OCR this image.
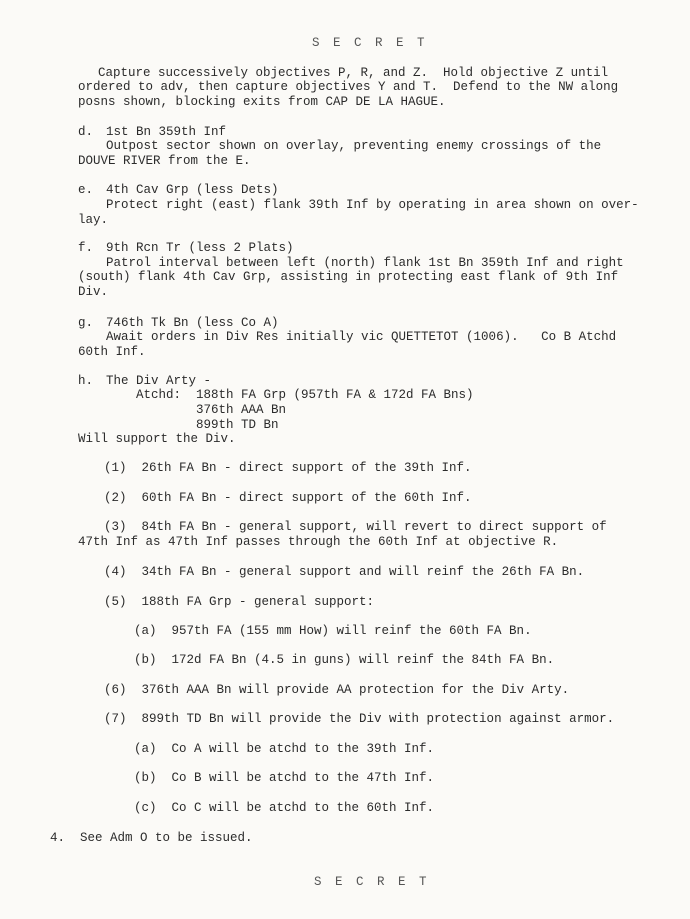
S E C R E T
Capture successively objectives P, R, and Z.  Hold objective Z until
ordered to adv, then capture objectives Y and T.  Defend to the NW along
posns shown, blocking exits from CAP DE LA HAGUE.
d. 1st Bn 359th Inf
Outpost sector shown on overlay, preventing enemy crossings of the
DOUVE RIVER from the E.
e. 4th Cav Grp (less Dets)
Protect right (east) flank 39th Inf by operating in area shown on over-
lay.
f. 9th Rcn Tr (less 2 Plats)
Patrol interval between left (north) flank 1st Bn 359th Inf and right
(south) flank 4th Cav Grp, assisting in protecting east flank of 9th Inf
Div.
g. 746th Tk Bn (less Co A)
Await orders in Div Res initially vic QUETTETOT (1006).   Co B Atchd
60th Inf.
h. The Div Arty -
Atchd: 188th FA Grp (957th FA & 172d FA Bns)
376th AAA Bn
899th TD Bn
Will support the Div.
(1)  26th FA Bn - direct support of the 39th Inf.
(2)  60th FA Bn - direct support of the 60th Inf.
(3)  84th FA Bn - general support, will revert to direct support of
47th Inf as 47th Inf passes through the 60th Inf at objective R.
(4)  34th FA Bn - general support and will reinf the 26th FA Bn.
(5)  188th FA Grp - general support:
(a)  957th FA (155 mm How) will reinf the 60th FA Bn.
(b)  172d FA Bn (4.5 in guns) will reinf the 84th FA Bn.
(6)  376th AAA Bn will provide AA protection for the Div Arty.
(7)  899th TD Bn will provide the Div with protection against armor.
(a)  Co A will be atchd to the 39th Inf.
(b)  Co B will be atchd to the 47th Inf.
(c)  Co C will be atchd to the 60th Inf.
4. See Adm O to be issued.
S E C R E T
